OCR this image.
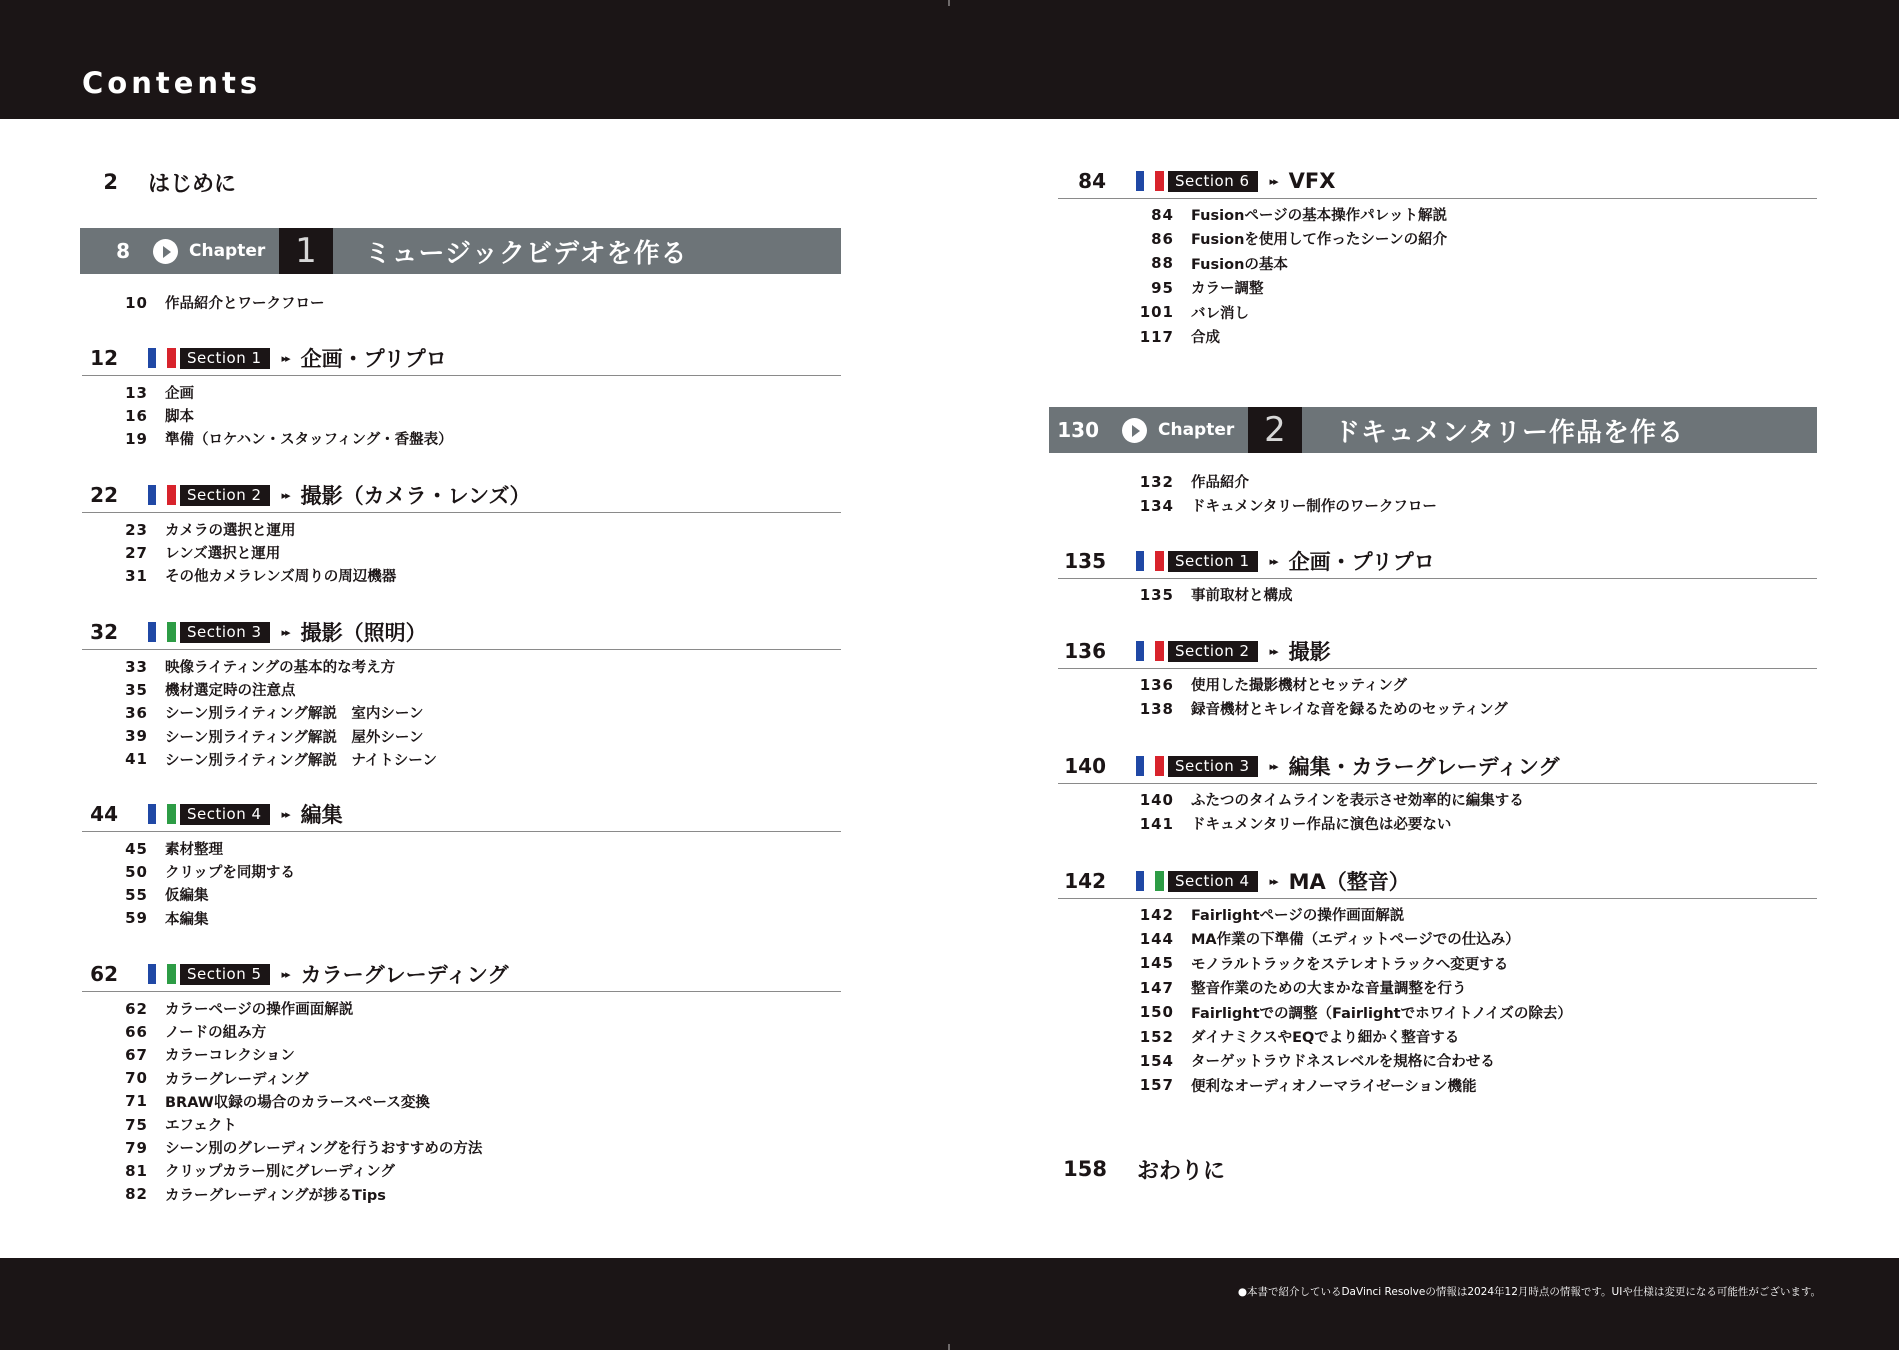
Contents
2 はじめに
8	Chapter 1	ミュージックビデオを作る
10 作品紹介とワークフロー
12	Section 1	▸▸ 企画・プリプロ
13 企画
16 脚本
19 準備（ロケハン・スタッフィング・香盤表）
22	Section 2	▸▸ 撮影（カメラ・レンズ）
23 カメラの選択と運用
27 レンズ選択と運用
31 その他カメラレンズ周りの周辺機器
32	Section 3	▸▸ 撮影（照明）
33 映像ライティングの基本的な考え方
35 機材選定時の注意点
36 シーン別ライティング解説　室内シーン
39 シーン別ライティング解説　屋外シーン
41 シーン別ライティング解説　ナイトシーン
44	Section 4	▸▸ 編集
45 素材整理
50 クリップを同期する
55 仮編集
59 本編集
62	Section 5	▸▸ カラーグレーディング
62 カラーページの操作画面解説
66 ノードの組み方
67 カラーコレクション
70 カラーグレーディング
71 BRAW収録の場合のカラースペース変換
75 エフェクト
79 シーン別のグレーディングを行うおすすめの方法
81 クリップカラー別にグレーディング
82 カラーグレーディングが捗るTips
84	Section 6	▸▸ VFX
84 Fusionページの基本操作パレット解説
86 Fusionを使用して作ったシーンの紹介
88 Fusionの基本
95 カラー調整
101 バレ消し
117 合成
130	Chapter 2	ドキュメンタリー作品を作る
132 作品紹介
134 ドキュメンタリー制作のワークフロー
135	Section 1	▸▸ 企画・プリプロ
135 事前取材と構成
136	Section 2	▸▸ 撮影
136 使用した撮影機材とセッティング
138 録音機材とキレイな音を録るためのセッティング
140	Section 3	▸▸ 編集・カラーグレーディング
140 ふたつのタイムラインを表示させ効率的に編集する
141 ドキュメンタリー作品に演色は必要ない
142	Section 4	▸▸ MA（整音）
142 Fairlightページの操作画面解説
144 MA作業の下準備（エディットページでの仕込み）
145 モノラルトラックをステレオトラックへ変更する
147 整音作業のための大まかな音量調整を行う
150 Fairlightでの調整（Fairlightでホワイトノイズの除去）
152 ダイナミクスやEQでより細かく整音する
154 ターゲットラウドネスレベルを規格に合わせる
157 便利なオーディオノーマライゼーション機能
158 おわりに
●本書で紹介しているDaVinci Resolveの情報は2024年12月時点の情報です。UIや仕様は変更になる可能性がございます。
